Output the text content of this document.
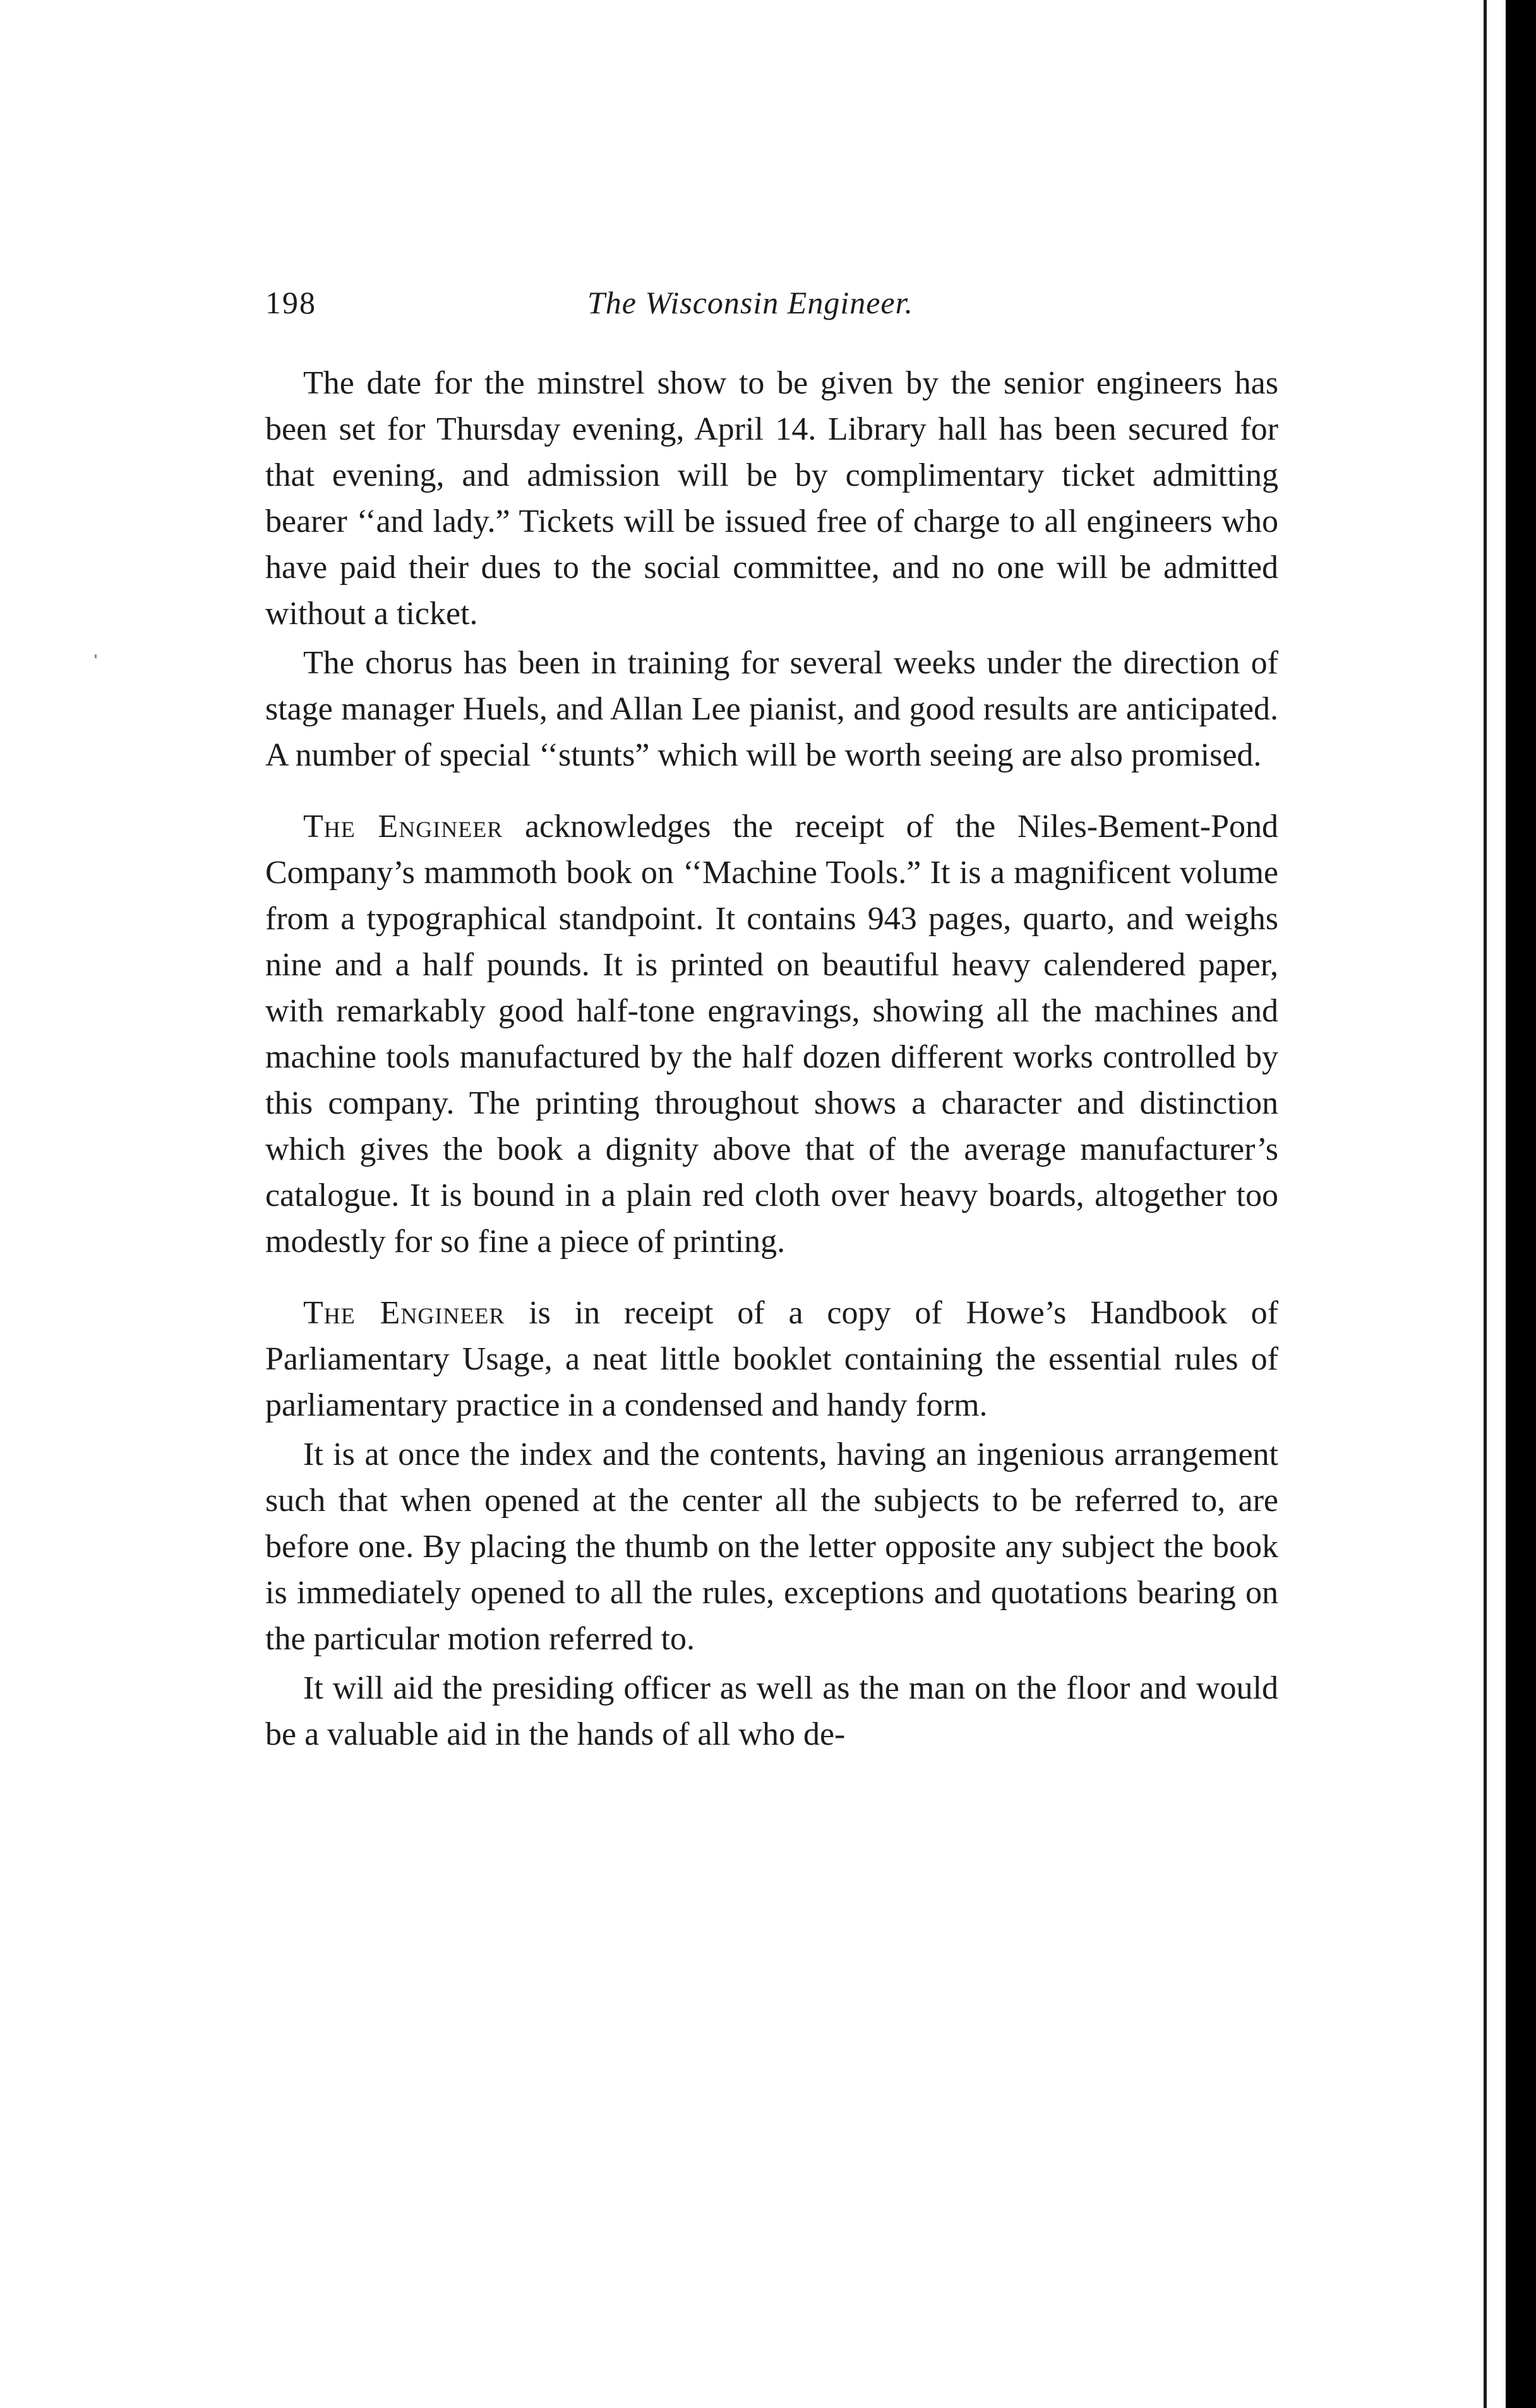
198	The Wisconsin Engineer.

The date for the minstrel show to be given by the senior engineers has been set for Thursday evening, April 14. Library hall has been secured for that evening, and admission will be by complimentary ticket admitting bearer ‘‘and lady.” Tickets will be issued free of charge to all engineers who have paid their dues to the social committee, and no one will be admitted without a ticket.

The chorus has been in training for several weeks under the direction of stage manager Huels, and Allan Lee pianist, and good results are anticipated. A number of special ‘‘stunts” which will be worth seeing are also promised.

The Engineer acknowledges the receipt of the Niles-Bement-Pond Company’s mammoth book on ‘‘Machine Tools.” It is a magnificent volume from a typographical standpoint. It contains 943 pages, quarto, and weighs nine and a half pounds. It is printed on beautiful heavy calendered paper, with remarkably good half-tone engravings, showing all the machines and machine tools manufactured by the half dozen different works controlled by this company. The printing throughout shows a character and distinction which gives the book a dignity above that of the average manufacturer’s catalogue. It is bound in a plain red cloth over heavy boards, altogether too modestly for so fine a piece of printing.

The Engineer is in receipt of a copy of Howe’s Handbook of Parliamentary Usage, a neat little booklet containing the essential rules of parliamentary practice in a condensed and handy form.

It is at once the index and the contents, having an ingenious arrangement such that when opened at the center all the subjects to be referred to, are before one. By placing the thumb on the letter opposite any subject the book is immediately opened to all the rules, exceptions and quotations bearing on the particular motion referred to.

It will aid the presiding officer as well as the man on the floor and would be a valuable aid in the hands of all who de-
